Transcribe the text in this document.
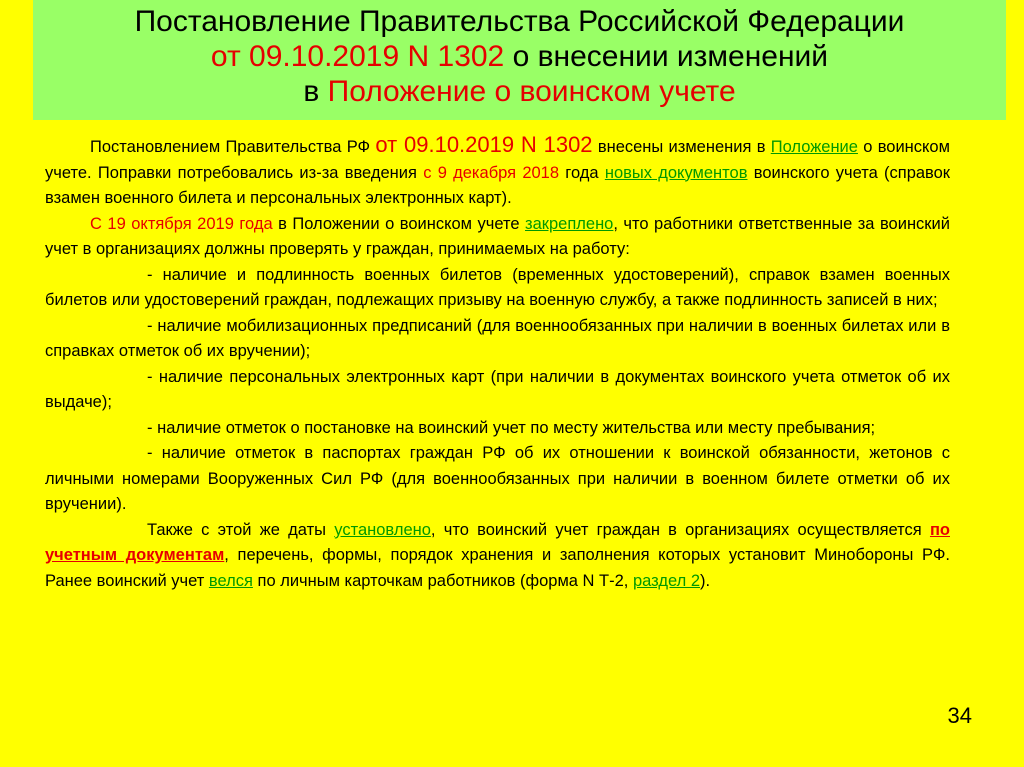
Постановление Правительства Российской Федерации
от 09.10.2019 N 1302 о внесении изменений
в Положение о воинском учете

Постановлением Правительства РФ от 09.10.2019 N 1302 внесены изменения в Положение о воинском учете. Поправки потребовались из-за введения с 9 декабря 2018 года новых документов воинского учета (справок взамен военного билета и персональных электронных карт).

С 19 октября 2019 года в Положении о воинском учете закреплено, что работники ответственные за воинский учет в организациях должны проверять у граждан, принимаемых на работу:

- наличие и подлинность военных билетов (временных удостоверений), справок взамен военных билетов или удостоверений граждан, подлежащих призыву на военную службу, а также подлинность записей в них;

- наличие мобилизационных предписаний (для военнообязанных при наличии в военных билетах или в справках отметок об их вручении);

- наличие персональных электронных карт (при наличии в документах воинского учета отметок об их выдаче);

- наличие отметок о постановке на воинский учет по месту жительства или месту пребывания;

- наличие отметок в паспортах граждан РФ об их отношении к воинской обязанности, жетонов с личными номерами Вооруженных Сил РФ (для военнообязанных при наличии в военном билете отметки об их вручении).

Также с этой же даты установлено, что воинский учет граждан в организациях осуществляется по учетным документам, перечень, формы, порядок хранения и заполнения которых установит Минобороны РФ. Ранее воинский учет велся по личным карточкам работников (форма N Т-2, раздел 2).

34
